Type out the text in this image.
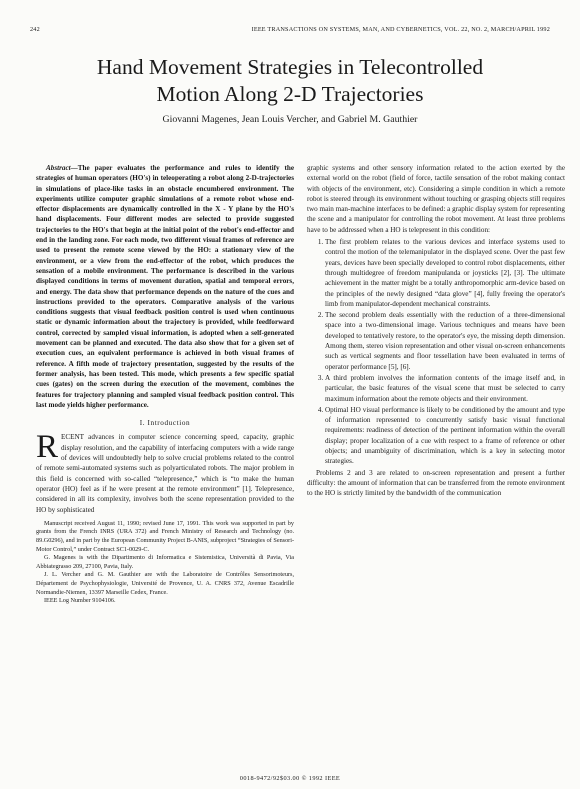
242	IEEE TRANSACTIONS ON SYSTEMS, MAN, AND CYBERNETICS, VOL. 22, NO. 2, MARCH/APRIL 1992
Hand Movement Strategies in Telecontrolled
Motion Along 2-D Trajectories
Giovanni Magenes, Jean Louis Vercher, and Gabriel M. Gauthier
Abstract—The paper evaluates the performance and rules to identify the strategies of human operators (HO's) in teleoperating a robot along 2-D-trajectories in simulations of place-like tasks in an obstacle encumbered environment. The experiments utilize computer graphic simulations of a remote robot whose end-effector displacements are dynamically controlled in the X - Y plane by the HO's hand displacements. Four different modes are selected to provide suggested trajectories to the HO's that begin at the initial point of the robot's end-effector and end in the landing zone. For each mode, two different visual frames of reference are used to present the remote scene viewed by the HO: a stationary view of the environment, or a view from the end-effector of the robot, which produces the sensation of a mobile environment. The performance is described in the various displayed conditions in terms of movement duration, spatial and temporal errors, and energy. The data show that performance depends on the nature of the cues and instructions provided to the operators. Comparative analysis of the various conditions suggests that visual feedback position control is used when continuous static or dynamic information about the trajectory is provided, while feedforward control, corrected by sampled visual information, is adopted when a self-generated movement can be planned and executed. The data also show that for a given set of execution cues, an equivalent performance is achieved in both visual frames of reference. A fifth mode of trajectory presentation, suggested by the results of the former analysis, has been tested. This mode, which presents a few specific spatial cues (gates) on the screen during the execution of the movement, combines the features for trajectory planning and sampled visual feedback position control. This last mode yields higher performance.
I. Introduction

RECENT advances in computer science concerning speed, capacity, graphic display resolution, and the capability of interfacing computers with a wide range of devices will undoubtedly help to solve crucial problems related to the control of remote semi-automated systems such as polyarticulated robots. The major problem in this field is concerned with so-called “telepresence,” which is “to make the human operator (HO) feel as if he were present at the remote environment” [1]. Telepresence, considered in all its complexity, involves both the scene representation provided to the HO by sophisticated

Manuscript received August 11, 1990; revised June 17, 1991. This work was supported in part by grants from the French INRS (URA 372) and French Ministry of Research and Technology (no. 89.G0296), and in part by the European Community Project B-ANIS, subproject “Strategies of Sensori-Motor Control,” under Contract SC1-0029-C.

G. Magenes is with the Dipartimento di Informatica e Sistemistica, Università di Pavia, Via Abbiategrasso 209, 27100, Pavia, Italy.

J. L. Vercher and G. M. Gauthier are with the Laboratoire de Contrôles Sensorimoteurs, Département de Psychophysiologie, Université de Provence, U. A. CNRS 372, Avenue Escadrille Normandie-Niemen, 13397 Marseille Cedex, France.

IEEE Log Number 9104106.

graphic systems and other sensory information related to the action exerted by the external world on the robot (field of force, tactile sensation of the robot making contact with objects of the environment, etc). Considering a simple condition in which a remote robot is steered through its environment without touching or grasping objects still requires two main man-machine interfaces to be defined: a graphic display system for representing the scene and a manipulator for controlling the robot movement. At least three problems have to be addressed when a HO is telepresent in this condition:

1. The first problem relates to the various devices and interface systems used to control the motion of the telemanipulator in the displayed scene. Over the past few years, devices have been specially developed to control robot displacements, either through multidegree of freedom manipulanda or joysticks [2], [3]. The ultimate achievement in the matter might be a totally anthropomorphic arm-device based on the principles of the newly designed “data glove” [4], fully freeing the operator's limb from manipulator-dependent mechanical constraints.
2. The second problem deals essentially with the reduction of a three-dimensional space into a two-dimensional image. Various techniques and means have been developed to tentatively restore, to the operator's eye, the missing depth dimension. Among them, stereo vision representation and other visual on-screen enhancements such as vertical segments and floor tessellation have been evaluated in terms of operator performance [5], [6].
3. A third problem involves the information contents of the image itself and, in particular, the basic features of the visual scene that must be selected to carry maximum information about the remote objects and their environment.
4. Optimal HO visual performance is likely to be conditioned by the amount and type of information represented to concurrently satisfy basic visual functional requirements: readiness of detection of the pertinent information within the overall display; proper localization of a cue with respect to a frame of reference or other objects; and unambiguity of discrimination, which is a key in selecting motor strategies.

Problems 2 and 3 are related to on-screen representation and present a further difficulty: the amount of information that can be transferred from the remote environment to the HO is strictly limited by the bandwidth of the communication

0018-9472/92$03.00 © 1992 IEEE
